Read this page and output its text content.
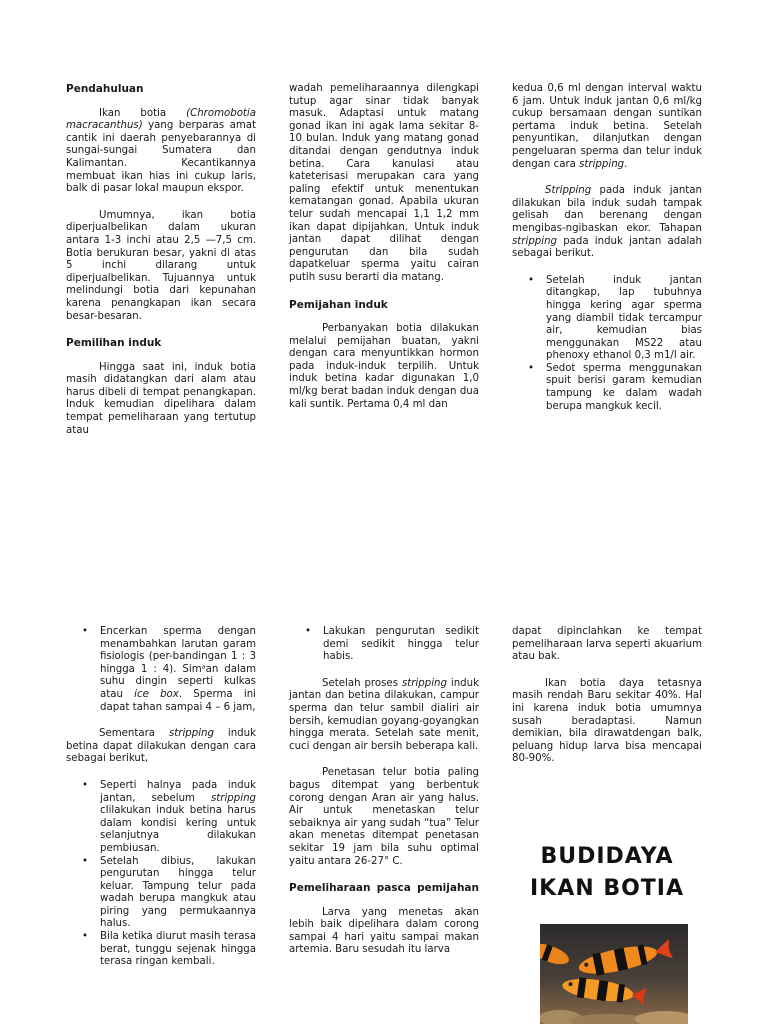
Pendahuluan

Ikan botia (Chromobotia macracanthus) yang berparas amat cantik ini daerah penyebarannya di sungai-sungai Sumatera dan Kalimantan. Kecantikannya membuat ikan hias ini cukup laris, balk di pasar lokal maupun ekspor.

Umumnya, ikan botia diperjualbelikan dalam ukuran antara 1-3 inchi atau 2,5 —7,5 cm. Botia berukuran besar, yakni di atas 5 inchi dilarang untuk diperjualbelikan. Tujuannya untuk melindungi botia dari kepunahan karena penangkapan ikan secara besar-besaran.

Pemilihan induk

Hingga saat ini, induk botia masih didatangkan dari alam atau harus dibeli di tempat penangkapan. Induk kemudian dipelihara dalam tempat pemeliharaan yang tertutup atau

wadah pemeliharaannya dilengkapi tutup agar sinar tidak banyak masuk. Adaptasi untuk matang gonad ikan ini agak lama sekitar 8-10 bulan. Induk yang matang gonad ditandai dengan gendutnya induk betina. Cara kanulasi atau kateterisasi merupakan cara yang paling efektif untuk menentukan kematangan gonad. Apabila ukuran telur sudah mencapai 1,1 1,2 mm ikan dapat dipijahkan. Untuk induk jantan dapat dilihat dengan pengurutan dan bila sudah dapatkeluar sperma yaitu cairan putih susu berarti dia matang.

Pemijahan induk

Perbanyakan botia dilakukan melalui pemijahan buatan, yakni dengan cara menyuntikkan hormon pada induk-induk terpilih. Untuk induk betina kadar digunakan 1,0 ml/kg berat badan induk dengan dua kali suntik. Pertama 0,4 ml dan

kedua 0,6 ml dengan interval waktu 6 jam. Untuk induk jantan 0,6 ml/kg cukup bersamaan dengan suntikan pertama induk betina. Setelah penyuntikan, dilanjutkan dengan pengeluaran sperma dan telur induk dengan cara stripping.

Stripping pada induk jantan dilakukan bila induk sudah tampak gelisah dan berenang dengan mengibas-ngibaskan ekor. Tahapan stripping pada induk jantan adalah sebagai berikut.

• Setelah induk jantan ditangkap, lap tubuhnya hingga kering agar sperma yang diambil tidak tercampur air, kemudian bias menggunakan MS22 atau phenoxy ethanol 0,3 m1/l air.
• Sedot sperma menggunakan spuit berisi garam kemudian tampung ke dalam wadah berupa mangkuk kecil.
• Encerkan sperma dengan menambahkan larutan garam fisiologis (per-bandingan 1 : 3 hingga 1 : 4). Simᵃan dalam suhu dingin seperti kulkas atau ice box. Sperma ini dapat tahan sampai 4 – 6 jam,

Sementara stripping induk betina dapat dilakukan dengan cara sebagai berikut,

• Seperti halnya pada induk jantan, sebelum stripping cIilakukan induk betina harus dalam kondisi kering untuk selanjutnya dilakukan pembiusan.
• Setelah dibius, lakukan pengurutan hingga telur keluar. Tampung telur pada wadah berupa mangkuk atau piring yang permukaannya halus.
• Bila ketika diurut masih terasa berat, tunggu sejenak hingga terasa ringan kembali.
• Lakukan pengurutan sedikit demi sedikit hingga telur habis.

Setelah proses stripping induk jantan dan betina dilakukan, campur sperma dan telur sambil dialiri air bersih, kemudian goyang-goyangkan hingga merata. Setelah sate menit, cuci dengan air bersih beberapa kali.

Penetasan telur botia paling bagus ditempat yang berbentuk corong dengan Aran air yang halus. Air untuk menetaskan telur sebaiknya air yang sudah “tua” Telur akan menetas ditempat penetasan sekitar 19 jam bila suhu optimal yaitu antara 26-27° C.

Pemeliharaan pasca pemijahan

Larva yang menetas akan lebih baik dipelihara dalam corong sampai 4 hari yaitu sampai makan artemia. Baru sesudah itu larva

dapat dipinclahkan ke tempat pemeliharaan larva seperti akuarium atau bak.

Ikan botia daya tetasnya masih rendah Baru sekitar 40%. Hal ini karena induk botia umumnya susah beradaptasi. Namun demikian, bila dirawatdengan balk, peluang hidup larva bisa mencapai 80-90%.

BUDIDAYA
IKAN BOTIA
